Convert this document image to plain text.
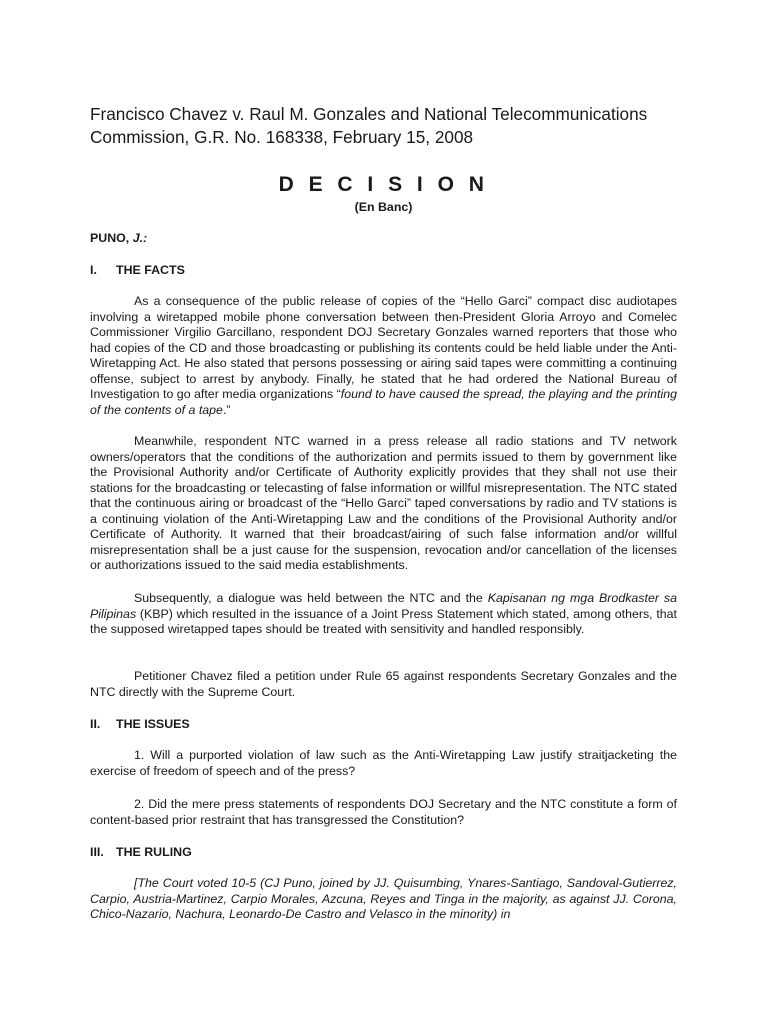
Francisco Chavez v. Raul M. Gonzales and National Telecommunications Commission, G.R. No. 168338, February 15, 2008
D E C I S I O N
(En Banc)
PUNO, J.:
I. THE FACTS
As a consequence of the public release of copies of the “Hello Garci” compact disc audiotapes involving a wiretapped mobile phone conversation between then-President Gloria Arroyo and Comelec Commissioner Virgilio Garcillano, respondent DOJ Secretary Gonzales warned reporters that those who had copies of the CD and those broadcasting or publishing its contents could be held liable under the Anti-Wiretapping Act. He also stated that persons possessing or airing said tapes were committing a continuing offense, subject to arrest by anybody. Finally, he stated that he had ordered the National Bureau of Investigation to go after media organizations “found to have caused the spread, the playing and the printing of the contents of a tape.”
Meanwhile, respondent NTC warned in a press release all radio stations and TV network owners/operators that the conditions of the authorization and permits issued to them by government like the Provisional Authority and/or Certificate of Authority explicitly provides that they shall not use their stations for the broadcasting or telecasting of false information or willful misrepresentation. The NTC stated that the continuous airing or broadcast of the “Hello Garci” taped conversations by radio and TV stations is a continuing violation of the Anti-Wiretapping Law and the conditions of the Provisional Authority and/or Certificate of Authority. It warned that their broadcast/airing of such false information and/or willful misrepresentation shall be a just cause for the suspension, revocation and/or cancellation of the licenses or authorizations issued to the said media establishments.
Subsequently, a dialogue was held between the NTC and the Kapisanan ng mga Brodkaster sa Pilipinas (KBP) which resulted in the issuance of a Joint Press Statement which stated, among others, that the supposed wiretapped tapes should be treated with sensitivity and handled responsibly.
Petitioner Chavez filed a petition under Rule 65 against respondents Secretary Gonzales and the NTC directly with the Supreme Court.
II. THE ISSUES
1. Will a purported violation of law such as the Anti-Wiretapping Law justify straitjacketing the exercise of freedom of speech and of the press?
2. Did the mere press statements of respondents DOJ Secretary and the NTC constitute a form of content-based prior restraint that has transgressed the Constitution?
III. THE RULING
[The Court voted 10-5 (CJ Puno, joined by JJ. Quisumbing, Ynares-Santiago, Sandoval-Gutierrez, Carpio, Austria-Martinez, Carpio Morales, Azcuna, Reyes and Tinga in the majority, as against JJ. Corona, Chico-Nazario, Nachura, Leonardo-De Castro and Velasco in the minority) in
